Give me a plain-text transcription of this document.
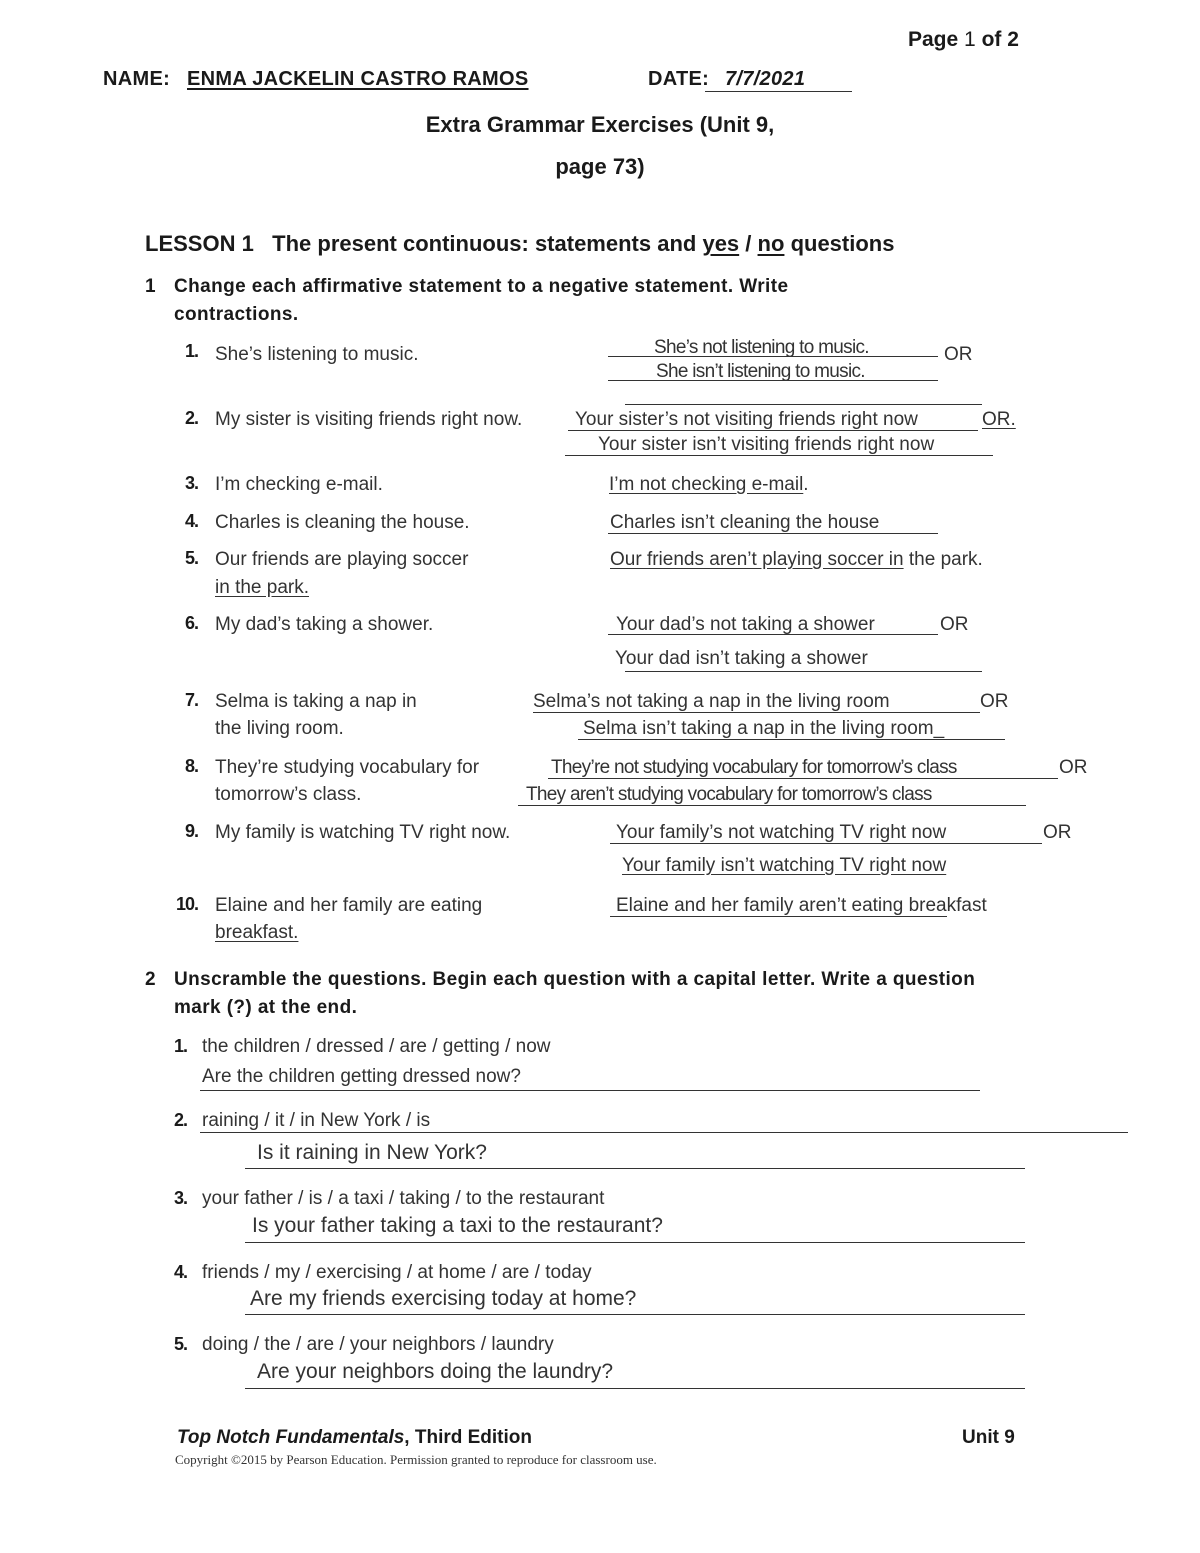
Page 1 of 2
NAME: ENMA JACKELIN CASTRO RAMOS	DATE: 7/7/2021
Extra Grammar Exercises (Unit 9,
page 73)
LESSON 1 The present continuous: statements and yes / no questions
1 Change each affirmative statement to a negative statement. Write
contractions.
1. She’s listening to music.	She’s not listening to music.	OR
She isn’t listening to music.
2. My sister is visiting friends right now.	Your sister’s not visiting friends right now	OR.
Your sister isn’t visiting friends right now
3. I’m checking e-mail.	I’m not checking e-mail.
4. Charles is cleaning the house.	Charles isn’t cleaning the house
5. Our friends are playing soccer
in the park.
Our friends aren’t playing soccer in the park.
6. My dad’s taking a shower.	Your dad’s not taking a shower	OR
Your dad isn’t taking a shower
7. Selma is taking a nap in
the living room.
Selma’s not taking a nap in the living room	OR
Selma isn’t taking a nap in the living room_
8. They’re studying vocabulary for
tomorrow’s class.
They’re not studying vocabulary for tomorrow’s class	OR
They aren’t studying vocabulary for tomorrow’s class
9. My family is watching TV right now.	Your family’s not watching TV right now	OR
Your family isn’t watching TV right now
10. Elaine and her family are eating
breakfast.
Elaine and her family aren’t eating breakfast
2 Unscramble the questions. Begin each question with a capital letter. Write a question
mark (?) at the end.
1. the children / dressed / are / getting / now
Are the children getting dressed now?
2. raining / it / in New York / is
Is it raining in New York?
3. your father / is / a taxi / taking / to the restaurant
Is your father taking a taxi to the restaurant?
4. friends / my / exercising / at home / are / today
Are my friends exercising today at home?
5. doing / the / are / your neighbors / laundry
Are your neighbors doing the laundry?
Top Notch Fundamentals, Third Edition	Unit 9
Copyright ©2015 by Pearson Education. Permission granted to reproduce for classroom use.
